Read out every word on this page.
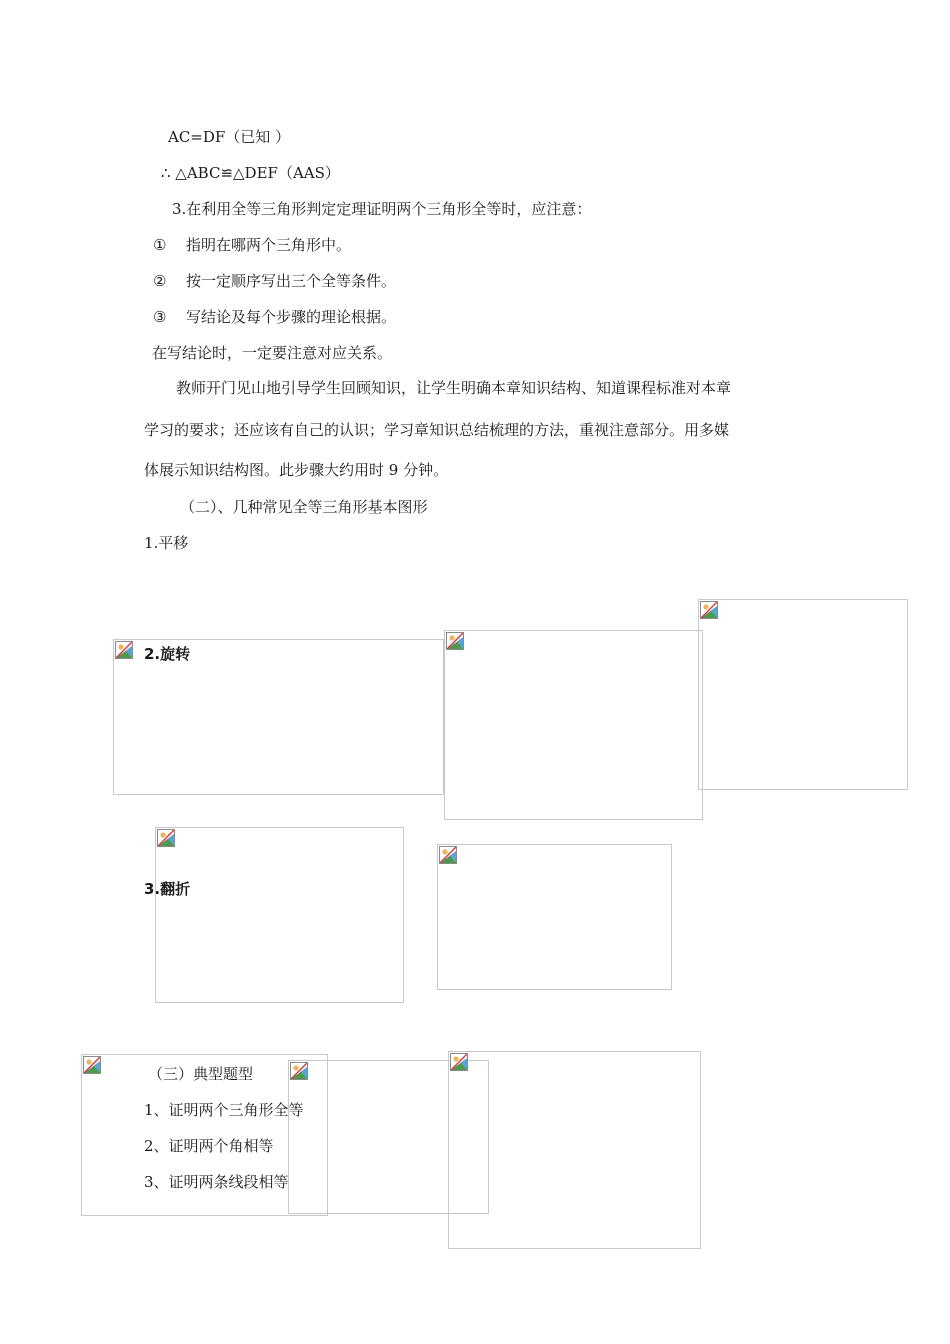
AC=DF（已知 ）
∴ △ABC≌△DEF（AAS）
3.在利用全等三角形判定定理证明两个三角形全等时，应注意：
① 指明在哪两个三角形中。
② 按一定顺序写出三个全等条件。
③ 写结论及每个步骤的理论根据。
在写结论时，一定要注意对应关系。
教师开门见山地引导学生回顾知识，让学生明确本章知识结构、知道课程标准对本章
学习的要求；还应该有自己的认识；学习章知识总结梳理的方法，重视注意部分。用多媒
体展示知识结构图。此步骤大约用时 9 分钟。
（二）、几种常见全等三角形基本图形
1.平移
2.旋转
3.翻折
（三）典型题型
1、证明两个三角形全等
2、证明两个角相等
3、证明两条线段相等
